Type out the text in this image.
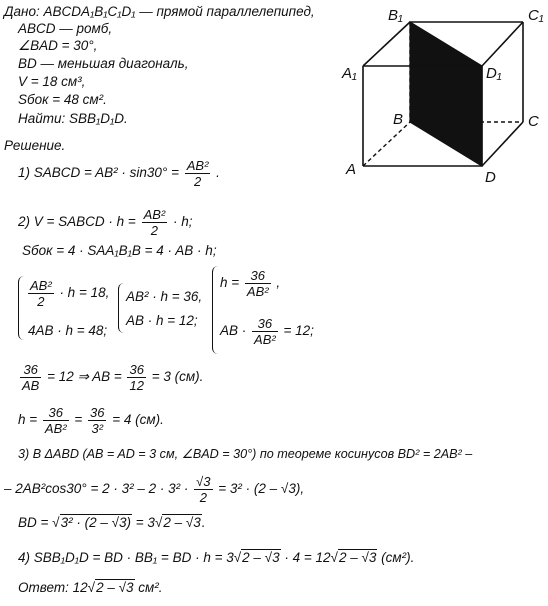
Дано: ABCDA₁B₁C₁D₁ — прямой параллелепипед,
ABCD — ромб,
∠BAD = 30°,
BD — меньшая диагональ,
V = 18 см³,
Sбок = 48 см².
Найти: SBB₁D₁D.
Решение.
1) SABCD = $AB^2 \cdot \sin 30^\circ = \frac{\text{AB²}}{2}$ .
2) V = SABCD · $h = \frac{\text{AB²}}{2} \cdot h$;
Sбок = 4 · SAA₁B₁B = 4 · AB · h;
$\frac{\text{AB²}}{2} \cdot h = 18$,
4AB · h = 48;
AB² · h = 36,
AB · h = 12;
$h = \frac{36}{\text{AB²}}$ ,
AB · $\frac{36}{\text{AB²}} = 12$;
$\frac{36}{AB} = 12$ ⇒ AB = $\frac{36}{12} = 3$ (см).
$h = \frac{36}{\text{AB²}} = \frac{36}{\text{3²}} = 4$ (см).
3) В ΔABD (AB = AD = 3 см, ∠BAD = 30°) по теореме косинусов BD² = 2AB² –
– $2AB^2\cos 30^\circ = 2 \cdot 3^2 - 2 \cdot 3^2 \cdot \frac{√3}{2} = 3^2 \cdot (2 - √3)$,
BD = √3² · (2 – √3) = 3√2 – √3.
4) SBB₁D₁D = BD · BB₁ = BD · h = 3√2 – √3 · 4 = 12√2 – √3 (см²).
Ответ: 12√2 – √3 см².
B₁	C₁
A₁	D₁
B	C
A	D
